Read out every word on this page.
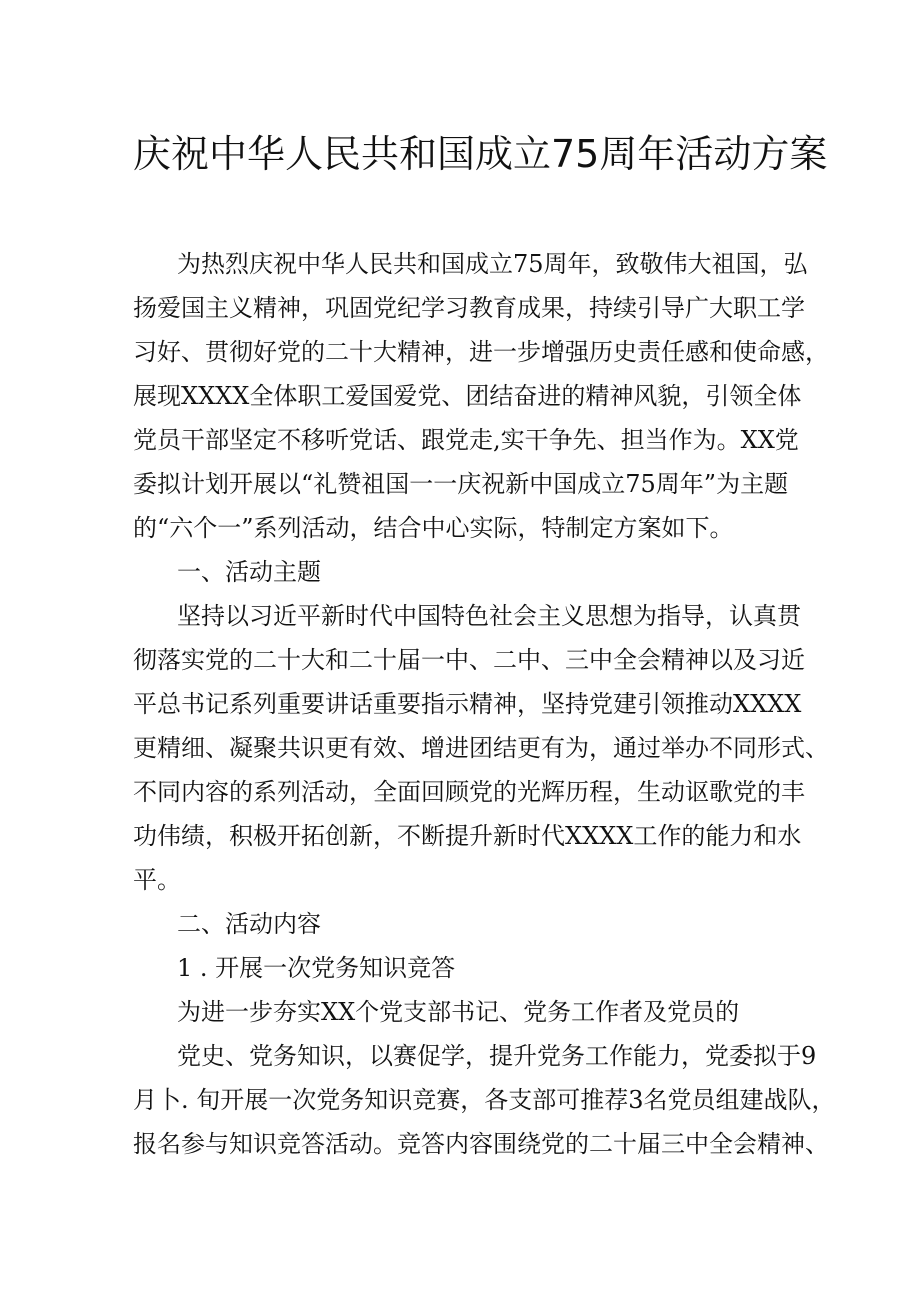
庆祝中华人民共和国成立75周年活动方案
为热烈庆祝中华人民共和国成立75周年，致敬伟大祖国，弘
扬爱国主义精神，巩固党纪学习教育成果，持续引导广大职工学
习好、贯彻好党的二十大精神，进一步增强历史责任感和使命感，
展现XXXX全体职工爱国爱党、团结奋进的精神风貌，引领全体
党员干部坚定不移听党话、跟党走,实干争先、担当作为。XX党
委拟计划开展以“礼赞祖国一一庆祝新中国成立75周年”为主题
的“六个一”系列活动，结合中心实际，特制定方案如下。
一、活动主题
坚持以习近平新时代中国特色社会主义思想为指导，认真贯
彻落实党的二十大和二十届一中、二中、三中全会精神以及习近
平总书记系列重要讲话重要指示精神，坚持党建引领推动XXXX
更精细、凝聚共识更有效、增进团结更有为，通过举办不同形式、
不同内容的系列活动，全面回顾党的光辉历程，生动讴歌党的丰
功伟绩，积极开拓创新，不断提升新时代XXXX工作的能力和水
平。
二、活动内容
1 . 开展一次党务知识竞答
为进一步夯实XX个党支部书记、党务工作者及党员的
党史、党务知识，以赛促学，提升党务工作能力，党委拟于9
月卜. 旬开展一次党务知识竞赛，各支部可推荐3名党员组建战队，
报名参与知识竞答活动。竞答内容围绕党的二十届三中全会精神、
